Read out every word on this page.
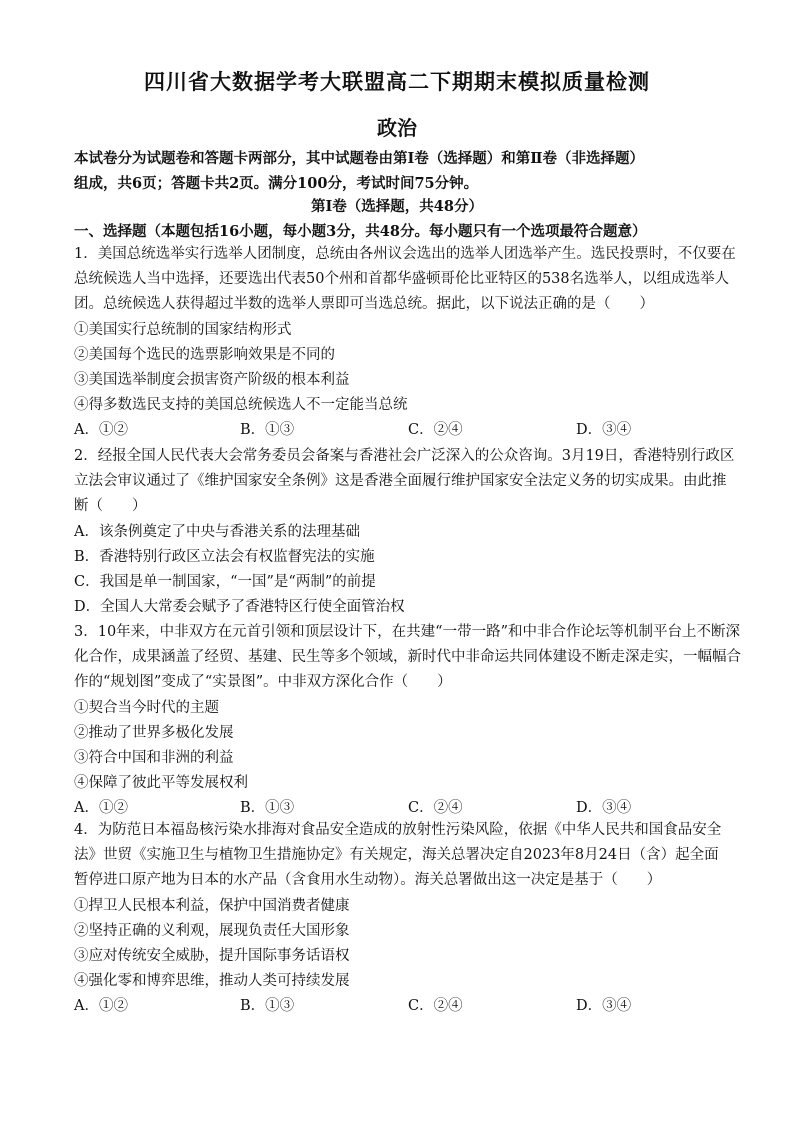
四川省大数据学考大联盟高二下期期末模拟质量检测
政治
本试卷分为试题卷和答题卡两部分，其中试题卷由第Ⅰ卷（选择题）和第Ⅱ卷（非选择题）
组成，共6页；答题卡共2页。满分100分，考试时间75分钟。
第Ⅰ卷（选择题，共48分）
一、选择题（本题包括16小题，每小题3分，共48分。每小题只有一个选项最符合题意）
1．美国总统选举实行选举人团制度，总统由各州议会选出的选举人团选举产生。选民投票时，不仅要在
总统候选人当中选择，还要选出代表50个州和首都华盛顿哥伦比亚特区的538名选举人，以组成选举人
团。总统候选人获得超过半数的选举人票即可当选总统。据此，以下说法正确的是（　　）
①美国实行总统制的国家结构形式
②美国每个选民的选票影响效果是不同的
③美国选举制度会损害资产阶级的根本利益
④得多数选民支持的美国总统候选人不一定能当总统
A．①②	B．①③	C．②④	D．③④
2．经报全国人民代表大会常务委员会备案与香港社会广泛深入的公众咨询。3月19日，香港特别行政区
立法会审议通过了《维护国家安全条例》这是香港全面履行维护国家安全法定义务的切实成果。由此推
断（　　）
A．该条例奠定了中央与香港关系的法理基础
B．香港特别行政区立法会有权监督宪法的实施
C．我国是单一制国家，“一国”是“两制”的前提
D．全国人大常委会赋予了香港特区行使全面管治权
3．10年来，中非双方在元首引领和顶层设计下，在共建“一带一路”和中非合作论坛等机制平台上不断深
化合作，成果涵盖了经贸、基建、民生等多个领域，新时代中非命运共同体建设不断走深走实，一幅幅合
作的“规划图”变成了“实景图”。中非双方深化合作（　　）
①契合当今时代的主题
②推动了世界多极化发展
③符合中国和非洲的利益
④保障了彼此平等发展权利
A．①②	B．①③	C．②④	D．③④
4．为防范日本福岛核污染水排海对食品安全造成的放射性污染风险，依据《中华人民共和国食品安全
法》世贸《实施卫生与植物卫生措施协定》有关规定，海关总署决定自2023年8月24日（含）起全面
暂停进口原产地为日本的水产品（含食用水生动物）。海关总署做出这一决定是基于（　　）
①捍卫人民根本利益，保护中国消费者健康
②坚持正确的义利观，展现负责任大国形象
③应对传统安全威胁，提升国际事务话语权
④强化零和博弈思维，推动人类可持续发展
A．①②	B．①③	C．②④	D．③④
